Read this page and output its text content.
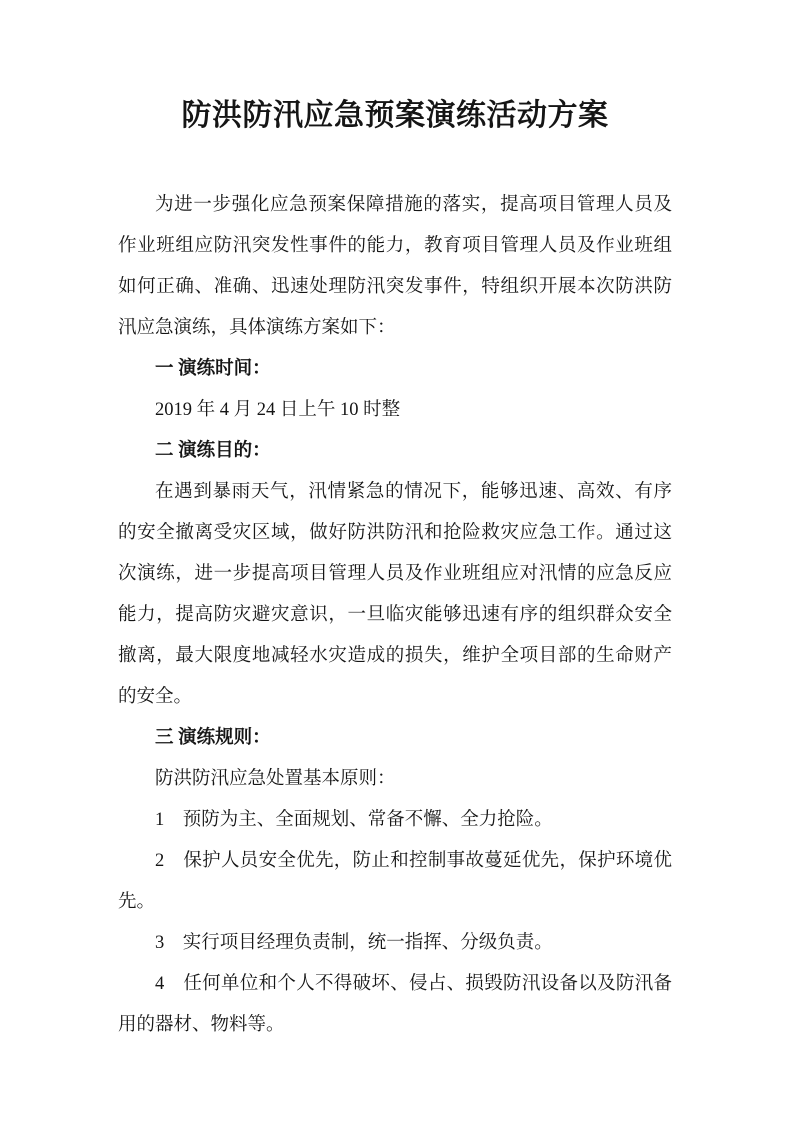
防洪防汛应急预案演练活动方案

为进一步强化应急预案保障措施的落实，提高项目管理人员及作业班组应防汛突发性事件的能力，教育项目管理人员及作业班组如何正确、准确、迅速处理防汛突发事件，特组织开展本次防洪防汛应急演练，具体演练方案如下：

一 演练时间：

2019 年 4 月 24 日上午 10 时整

二 演练目的：

在遇到暴雨天气，汛情紧急的情况下，能够迅速、高效、有序的安全撤离受灾区域，做好防洪防汛和抢险救灾应急工作。通过这次演练，进一步提高项目管理人员及作业班组应对汛情的应急反应能力，提高防灾避灾意识，一旦临灾能够迅速有序的组织群众安全撤离，最大限度地减轻水灾造成的损失，维护全项目部的生命财产的安全。

三 演练规则：

防洪防汛应急处置基本原则：

1　预防为主、全面规划、常备不懈、全力抢险。

2　保护人员安全优先，防止和控制事故蔓延优先，保护环境优先。

3　实行项目经理负责制，统一指挥、分级负责。

4　任何单位和个人不得破坏、侵占、损毁防汛设备以及防汛备用的器材、物料等。
